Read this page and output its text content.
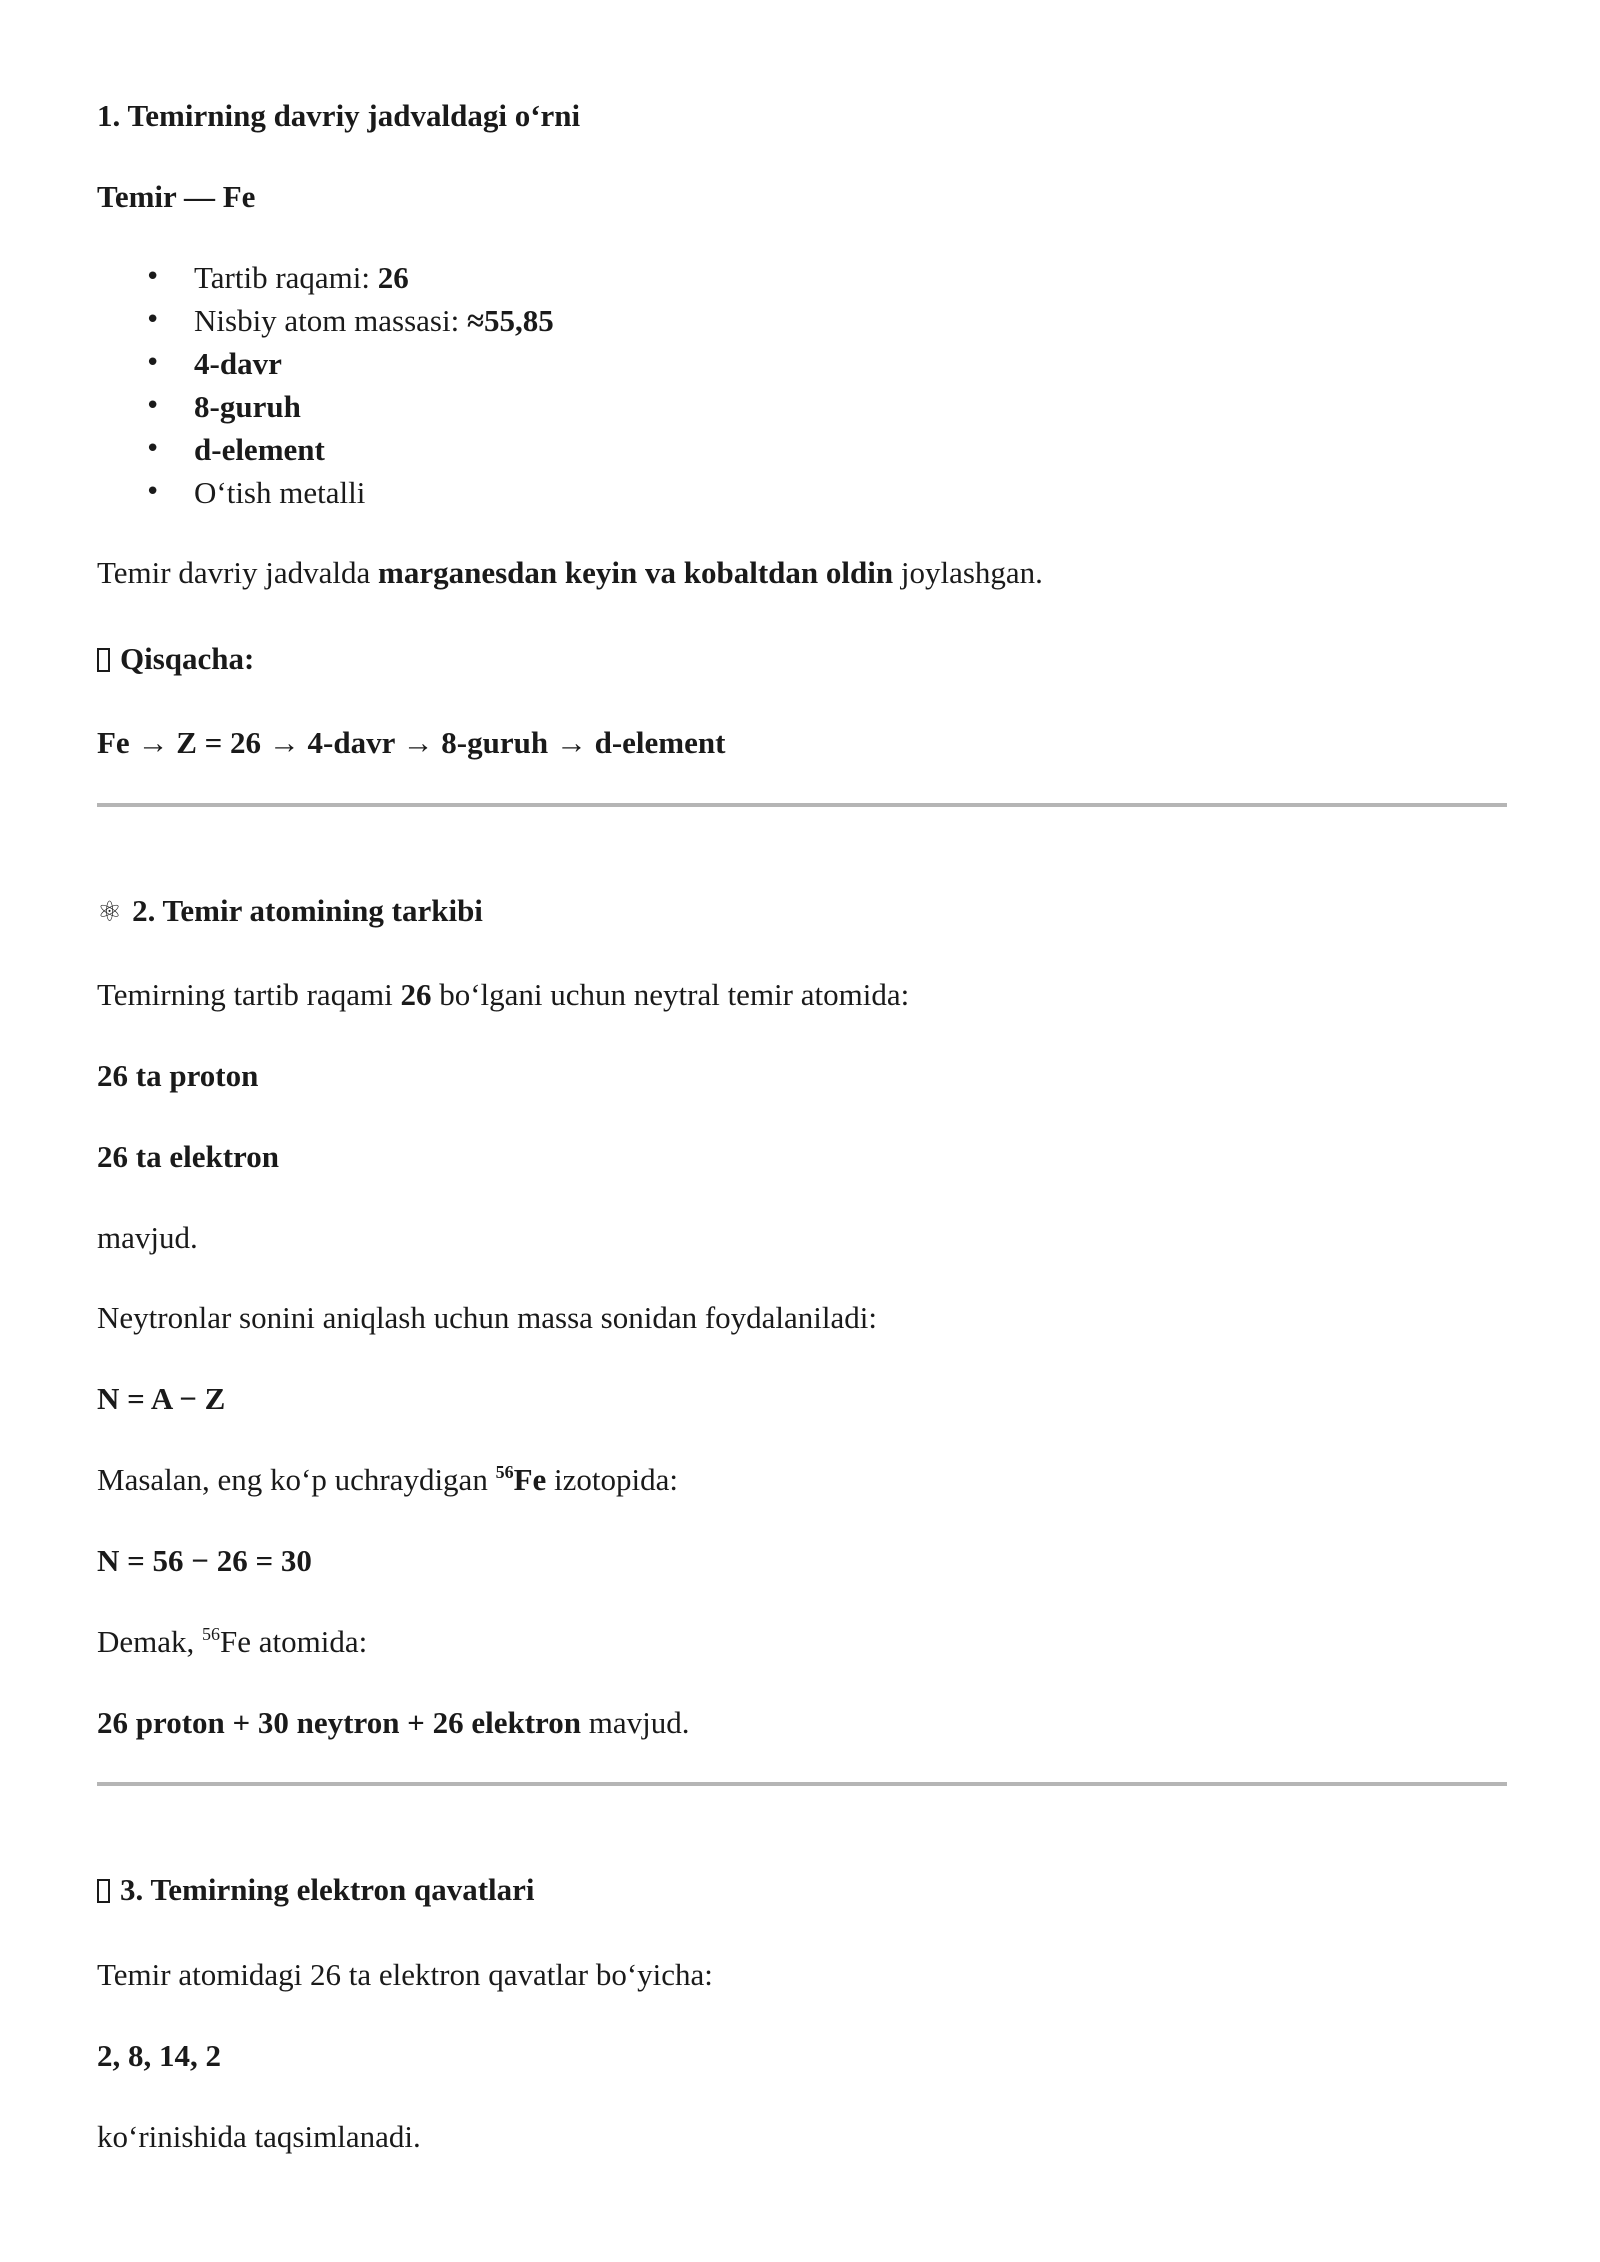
1. Temirning davriy jadvaldagi o‘rni
Temir — Fe
• Tartib raqami: 26
• Nisbiy atom massasi: ≈55,85
• 4-davr
• 8-guruh
• d-element
• O‘tish metalli
Temir davriy jadvalda marganesdan keyin va kobaltdan oldin joylashgan.
Qisqacha:
Fe → Z = 26 → 4-davr → 8-guruh → d-element
⚛ 2. Temir atomining tarkibi
Temirning tartib raqami 26 bo‘lgani uchun neytral temir atomida:
26 ta proton
26 ta elektron
mavjud.
Neytronlar sonini aniqlash uchun massa sonidan foydalaniladi:
N = A − Z
Masalan, eng ko‘p uchraydigan $^{56}$Fe izotopida:
N = 56 − 26 = 30
Demak, $^{56}$Fe atomida:
26 proton + 30 neytron + 26 elektron mavjud.
3. Temirning elektron qavatlari
Temir atomidagi 26 ta elektron qavatlar bo‘yicha:
2, 8, 14, 2
ko‘rinishida taqsimlanadi.
